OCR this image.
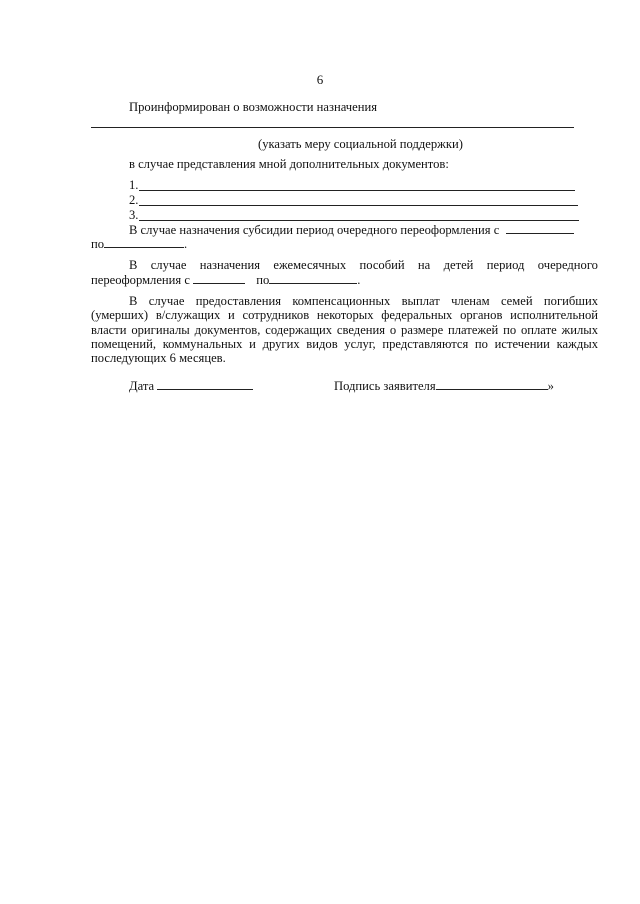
6
Проинформирован о возможности назначения
(указать меру социальной поддержки)
в случае представления мной дополнительных документов:
1.
2.
3.
В случае назначения субсидии период очередного переоформления с
по	.
В случае назначения ежемесячных пособий на детей период очередного
переоформления с	по	.

В случае предоставления компенсационных выплат членам семей погибших (умерших) в/служащих и сотрудников некоторых федеральных органов исполнительной власти оригиналы документов, содержащих сведения о размере платежей по оплате жилых помещений, коммунальных и других видов услуг, представляются по истечении каждых последующих 6 месяцев.

Дата	Подпись заявителя	»
